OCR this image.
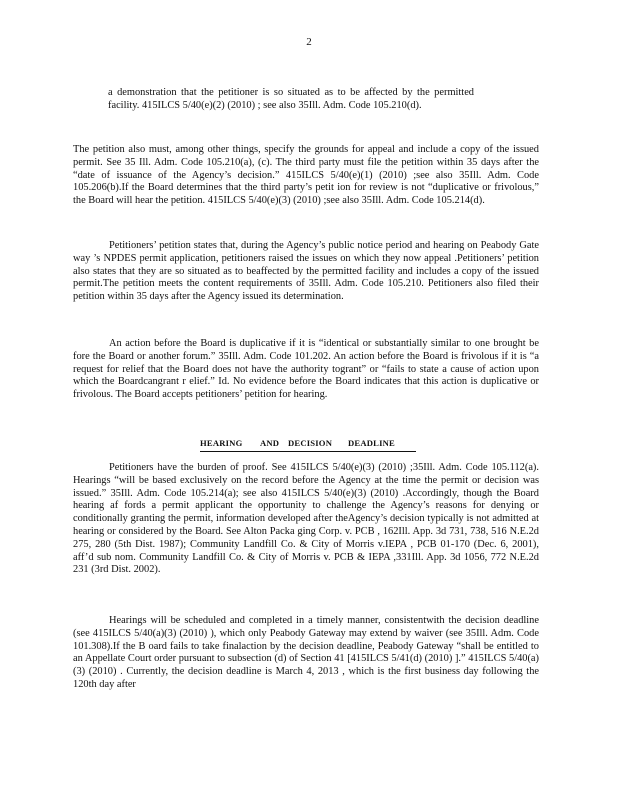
2

a demonstration that the petitioner is so situated as to be affected by the permitted facility. 415ILCS 5/40(e)(2) (2010) ; see also 35Ill. Adm. Code 105.210(d).

The petition also must, among other things, specify the grounds for appeal and include a copy of the issued permit. See 35 Ill. Adm. Code 105.210(a), (c). The third party must file the petition within 35 days after the “date of issuance of the Agency’s decision.” 415ILCS 5/40(e)(1) (2010) ;see also 35Ill. Adm. Code 105.206(b).If the Board determines that the third party’s petit ion for review is not “duplicative or frivolous,” the Board will hear the petition. 415ILCS 5/40(e)(3) (2010) ;see also 35Ill. Adm. Code 105.214(d).

Petitioners’ petition states that, during the Agency’s public notice period and hearing on Peabody Gate way ’s NPDES permit application, petitioners raised the issues on which they now appeal .Petitioners’ petition also states that they are so situated as to beaffected by the permitted facility and includes a copy of the issued permit.The petition meets the content requirements of 35Ill. Adm. Code 105.210. Petitioners also filed their petition within 35 days after the Agency issued its determination.

An action before the Board is duplicative if it is “identical or substantially similar to one brought be fore the Board or another forum.” 35Ill. Adm. Code 101.202. An action before the Board is frivolous if it is “a request for relief that the Board does not have the authority togrant” or “fails to state a cause of action upon which the Boardcangrant r elief.” Id. No evidence before the Board indicates that this action is duplicative or frivolous. The Board accepts petitioners’ petition for hearing.

HEARING AND DECISION DEADLINE

Petitioners have the burden of proof. See 415ILCS 5/40(e)(3) (2010) ;35Ill. Adm. Code 105.112(a). Hearings “will be based exclusively on the record before the Agency at the time the permit or decision was issued.” 35Ill. Adm. Code 105.214(a); see also 415ILCS 5/40(e)(3) (2010) .Accordingly, though the Board hearing af fords a permit applicant the opportunity to challenge the Agency’s reasons for denying or conditionally granting the permit, information developed after theAgency’s decision typically is not admitted at hearing or considered by the Board. See Alton Packa ging Corp. v. PCB , 162Ill. App. 3d 731, 738, 516 N.E.2d 275, 280 (5th Dist. 1987); Community Landfill Co. & City of Morris v.IEPA , PCB 01-170 (Dec. 6, 2001), aff’d sub nom. Community Landfill Co. & City of Morris v. PCB & IEPA ,331Ill. App. 3d 1056, 772 N.E.2d 231 (3rd Dist. 2002).

Hearings will be scheduled and completed in a timely manner, consistentwith the decision deadline (see 415ILCS 5/40(a)(3) (2010) ), which only Peabody Gateway may extend by waiver (see 35Ill. Adm. Code 101.308).If the B oard fails to take finalaction by the decision deadline, Peabody Gateway “shall be entitled to an Appellate Court order pursuant to subsection (d) of Section 41 [415ILCS 5/41(d) (2010) ].” 415ILCS 5/40(a)(3) (2010) . Currently, the decision deadline is March 4, 2013 , which is the first business day following the 120th day after
